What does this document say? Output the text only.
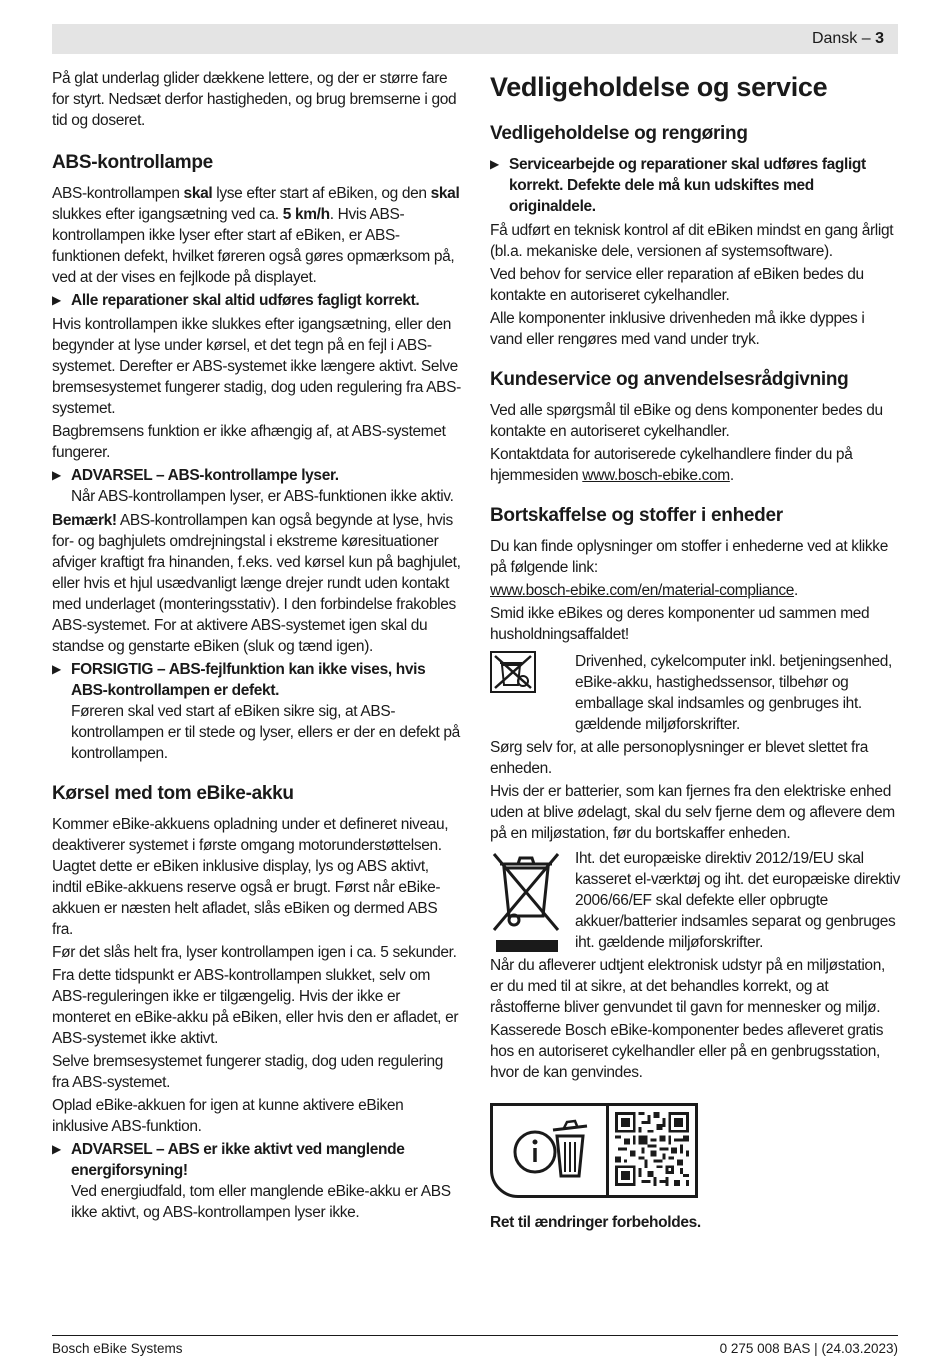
Dansk – 3

På glat underlag glider dækkene lettere, og der er større fare for styrt. Nedsæt derfor hastigheden, og brug bremserne i god tid og doseret.

ABS-kontrollampe

ABS-kontrollampen skal lyse efter start af eBiken, og den skal slukkes efter igangsætning ved ca. 5 km/h. Hvis ABS-kontrollampen ikke lyser efter start af eBiken, er ABS-funktionen defekt, hvilket føreren også gøres opmærksom på, ved at der vises en fejlkode på displayet.

▶ Alle reparationer skal altid udføres fagligt korrekt.

Hvis kontrollampen ikke slukkes efter igangsætning, eller den begynder at lyse under kørsel, et det tegn på en fejl i ABS-systemet. Derefter er ABS-systemet ikke længere aktivt. Selve bremsesystemet fungerer stadig, dog uden regulering fra ABS-systemet.

Bagbremsens funktion er ikke afhængig af, at ABS-systemet fungerer.

▶ ADVARSEL – ABS-kontrollampe lyser.
Når ABS-kontrollampen lyser, er ABS-funktionen ikke aktiv.

Bemærk! ABS-kontrollampen kan også begynde at lyse, hvis for- og baghjulets omdrejningstal i ekstreme køresituationer afviger kraftigt fra hinanden, f.eks. ved kørsel kun på baghjulet, eller hvis et hjul usædvanligt længe drejer rundt uden kontakt med underlaget (monteringsstativ). I den forbindelse frakobles ABS-systemet. For at aktivere ABS-systemet igen skal du standse og genstarte eBiken (sluk og tænd igen).

▶ FORSIGTIG – ABS-fejlfunktion kan ikke vises, hvis ABS-kontrollampen er defekt.
Føreren skal ved start af eBiken sikre sig, at ABS-kontrollampen er til stede og lyser, ellers er der en defekt på kontrollampen.
Kørsel med tom eBike-akku

Kommer eBike-akkuens opladning under et defineret niveau, deaktiverer systemet i første omgang motorunderstøttelsen. Uagtet dette er eBiken inklusive display, lys og ABS aktivt, indtil eBike-akkuens reserve også er brugt. Først når eBike-akkuen er næsten helt afladet, slås eBiken og dermed ABS fra.

Før det slås helt fra, lyser kontrollampen igen i ca. 5 sekunder.

Fra dette tidspunkt er ABS-kontrollampen slukket, selv om ABS-reguleringen ikke er tilgængelig. Hvis der ikke er monteret en eBike-akku på eBiken, eller hvis den er afladet, er ABS-systemet ikke aktivt.

Selve bremsesystemet fungerer stadig, dog uden regulering fra ABS-systemet.

Oplad eBike-akkuen for igen at kunne aktivere eBiken inklusive ABS-funktion.

▶ ADVARSEL – ABS er ikke aktivt ved manglende energiforsyning!
Ved energiudfald, tom eller manglende eBike-akku er ABS ikke aktivt, og ABS-kontrollampen lyser ikke.
Vedligeholdelse og service
Vedligeholdelse og rengøring
▶ Servicearbejde og reparationer skal udføres fagligt korrekt. Defekte dele må kun udskiftes med originaldele.

Få udført en teknisk kontrol af dit eBiken mindst en gang årligt (bl.a. mekaniske dele, versionen af systemsoftware).

Ved behov for service eller reparation af eBiken bedes du kontakte en autoriseret cykelhandler.

Alle komponenter inklusive drivenheden må ikke dyppes i vand eller rengøres med vand under tryk.

Kundeservice og anvendelsesrådgivning

Ved alle spørgsmål til eBike og dens komponenter bedes du kontakte en autoriseret cykelhandler.

Kontaktdata for autoriserede cykelhandlere finder du på hjemmesiden www.bosch-ebike.com.

Bortskaffelse og stoffer i enheder

Du kan finde oplysninger om stoffer i enhederne ved at klikke på følgende link:

www.bosch-ebike.com/en/material-compliance.

Smid ikke eBikes og deres komponenter ud sammen med husholdningsaffaldet!

Drivenhed, cykelcomputer inkl. betjeningsenhed, eBike-akku, hastighedssensor, tilbehør og emballage skal indsamles og genbruges iht. gældende miljøforskrifter.

Sørg selv for, at alle personoplysninger er blevet slettet fra enheden.

Hvis der er batterier, som kan fjernes fra den elektriske enhed uden at blive ødelagt, skal du selv fjerne dem og aflevere dem på en miljøstation, før du bortskaffer enheden.

Iht. det europæiske direktiv 2012/19/EU skal kasseret el-værktøj og iht. det europæiske direktiv 2006/66/EF skal defekte eller opbrugte akkuer/batterier indsamles separat og genbruges iht. gældende miljøforskrifter.

Når du afleverer udtjent elektronisk udstyr på en miljøstation, er du med til at sikre, at det behandles korrekt, og at råstofferne bliver genvundet til gavn for mennesker og miljø.

Kasserede Bosch eBike-komponenter bedes afleveret gratis hos en autoriseret cykelhandler eller på en genbrugsstation, hvor de kan genvindes.

Ret til ændringer forbeholdes.

Bosch eBike Systems	0 275 008 BAS | (24.03.2023)
